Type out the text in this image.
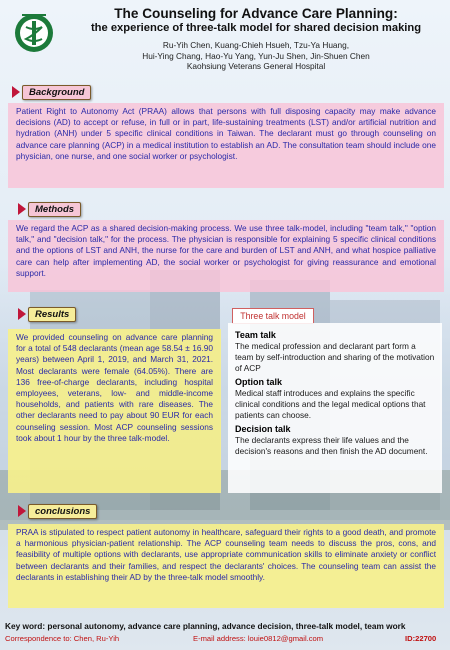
The Counseling for Advance Care Planning:
the experience of three-talk model for shared decision making
Ru-Yih Chen, Kuang-Chieh Hsueh, Tzu-Ya Huang,
Hui-Ying Chang, Hao-Yu Yang, Yun-Ju Shen, Jin-Shuen Chen
Kaohsiung Veterans General Hospital
Background
Patient Right to Autonomy Act (PRAA) allows that persons with full disposing capacity may make advance decisions (AD) to accept or refuse, in full or in part, life-sustaining treatments (LST) and/or artificial nutrition and hydration (ANH) under 5 specific clinical conditions in Taiwan. The declarant must go through counseling on advance care planning (ACP) in a medical institution to establish an AD. The consultation team should include one physician, one nurse, and one social worker or psychologist.
Methods
We regard the ACP as a shared decision-making process. We use three talk-model, including "team talk," "option talk," and "decision talk," for the process. The physician is responsible for explaining 5 specific clinical conditions and the options of LST and ANH, the nurse for the care and burden of LST and ANH, and what hospice palliative care can help after implementing AD, the social worker or psychologist for giving reassurance and emotional support.
Results
We provided counseling on advance care planning for a total of 548 declarants (mean age 58.54 ± 16.90 years) between April 1, 2019, and March 31, 2021. Most declarants were female (64.05%). There are 136 free-of-charge declarants, including hospital employees, veterans, low- and middle-income households, and patients with rare diseases. The other declarants need to pay about 90 EUR for each counseling session. Most ACP counseling sessions took about 1 hour by the three talk-model.
Three talk model
Team talk

The medical profession and declarant part form a team by self-introduction and sharing of the motivation of ACP

Option talk

Medical staff introduces and explains the specific clinical conditions and the legal medical options that patients can choose.

Decision talk

The declarants express their life values and the decision's reasons and then finish the AD document.

conclusions
PRAA is stipulated to respect patient autonomy in healthcare, safeguard their rights to a good death, and promote a harmonious physician-patient relationship. The ACP counseling team needs to discuss the pros, cons, and feasibility of multiple options with declarants, use appropriate communication skills to eliminate anxiety or conflict between declarants and their families, and respect the declarants' choices. The counseling team can assist the declarants in establishing their AD by the three-talk model smoothly.
Key word: personal autonomy, advance care planning, advance decision, three-talk model, team work
Correspondence to: Chen, Ru-Yih	E-mail address: louie0812@gmail.com	ID:22700
